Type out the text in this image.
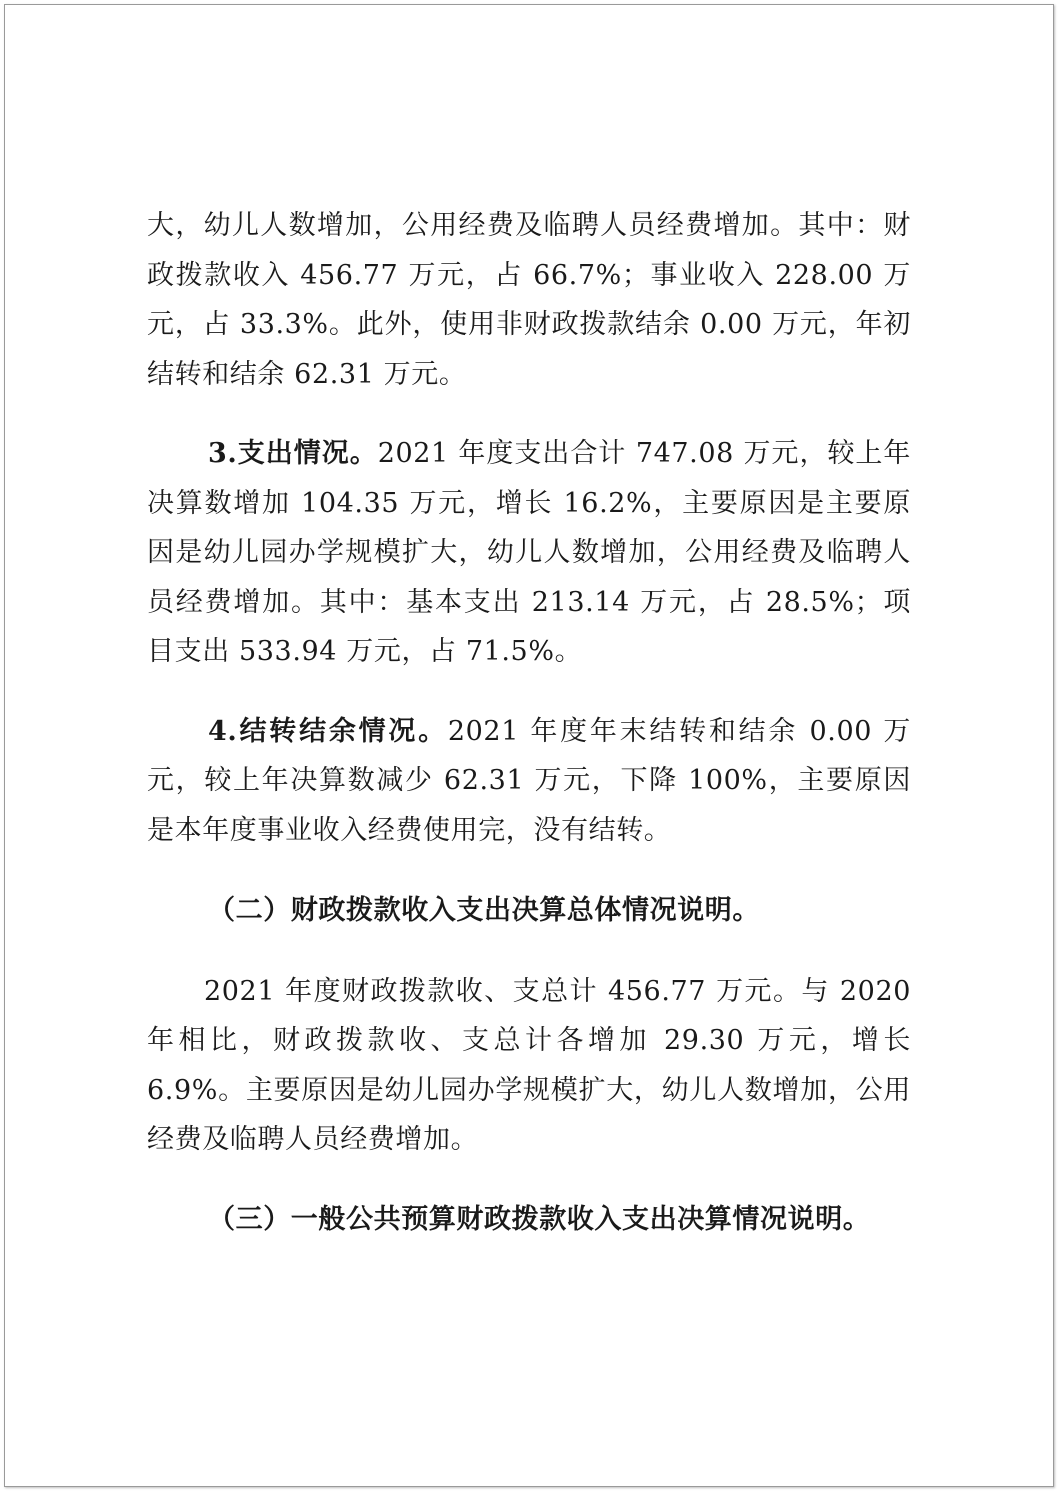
大，幼儿人数增加，公用经费及临聘人员经费增加。其中：财政拨款收入 456.77 万元，占 66.7%；事业收入 228.00 万元，占 33.3%。此外，使用非财政拨款结余 0.00 万元，年初结转和结余 62.31 万元。

3.支出情况。2021 年度支出合计 747.08 万元，较上年决算数增加 104.35 万元，增长 16.2%，主要原因是主要原因是幼儿园办学规模扩大，幼儿人数增加，公用经费及临聘人员经费增加。其中：基本支出 213.14 万元，占 28.5%；项目支出 533.94 万元，占 71.5%。

4.结转结余情况。2021 年度年末结转和结余 0.00 万元，较上年决算数减少 62.31 万元，下降 100%，主要原因是本年度事业收入经费使用完，没有结转。

（二）财政拨款收入支出决算总体情况说明。

2021 年度财政拨款收、支总计 456.77 万元。与 2020 年相比，财政拨款收、支总计各增加 29.30 万元，增长 6.9%。主要原因是幼儿园办学规模扩大，幼儿人数增加，公用经费及临聘人员经费增加。

（三）一般公共预算财政拨款收入支出决算情况说明。
